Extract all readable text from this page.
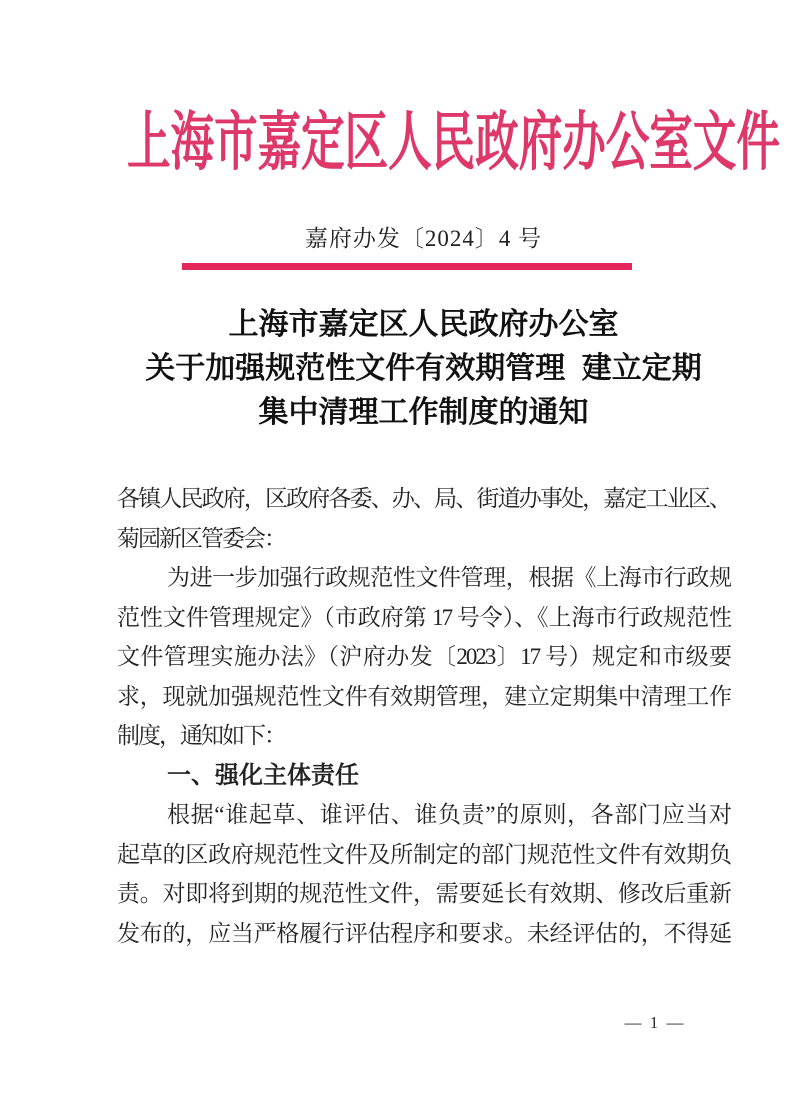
上海市嘉定区人民政府办公室文件
嘉府办发〔2024〕4 号
上海市嘉定区人民政府办公室
关于加强规范性文件有效期管理 建立定期
集中清理工作制度的通知
各镇人民政府，区政府各委、办、局、街道办事处，嘉定工业区、
菊园新区管委会：
为进一步加强行政规范性文件管理，根据《上海市行政规
范性文件管理规定》（市政府第 17 号令）、《上海市行政规范性
文件管理实施办法》（沪府办发〔2023〕17 号）规定和市级要
求，现就加强规范性文件有效期管理，建立定期集中清理工作
制度，通知如下：
一、强化主体责任
根据“谁起草、谁评估、谁负责”的原则，各部门应当对
起草的区政府规范性文件及所制定的部门规范性文件有效期负
责。对即将到期的规范性文件，需要延长有效期、修改后重新
发布的，应当严格履行评估程序和要求。未经评估的，不得延
— 1 —
